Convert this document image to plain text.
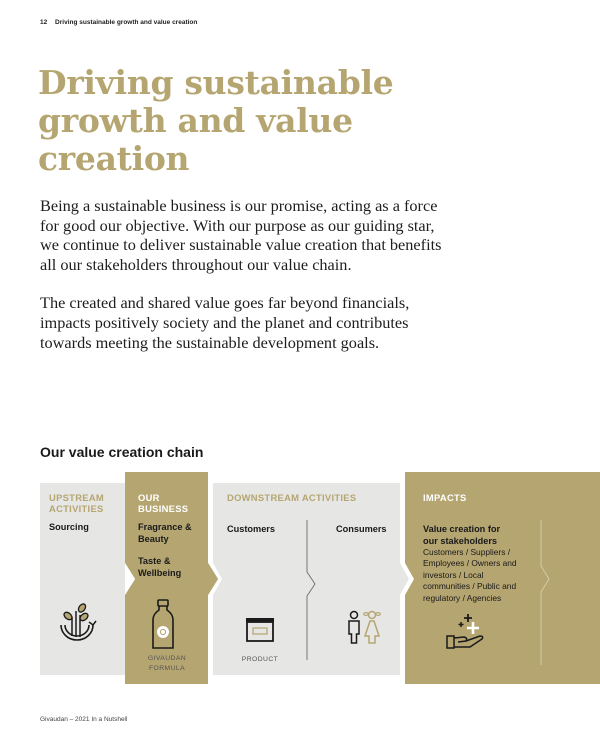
12 Driving sustainable growth and value creation
Driving sustainable
growth and value creation

Being a sustainable business is our promise, acting as a force for good our objective. With our purpose as our guiding star, we continue to deliver sustainable value creation that benefits all our stakeholders throughout our value chain.

The created and shared value goes far beyond financials, impacts positively society and the planet and contributes towards meeting the sustainable development goals.

Our value creation chain
UPSTREAM
ACTIVITIES
Sourcing
OUR
BUSINESS
Fragrance &
Beauty
Taste &
Wellbeing
GIVAUDAN
FORMULA
DOWNSTREAM ACTIVITIES
Customers	Consumers
PRODUCT
IMPACTS
Value creation for
our stakeholders
Customers / Suppliers /
Employees / Owners and
investors / Local
communities / Public and
regulatory / Agencies
Givaudan – 2021 In a Nutshell
